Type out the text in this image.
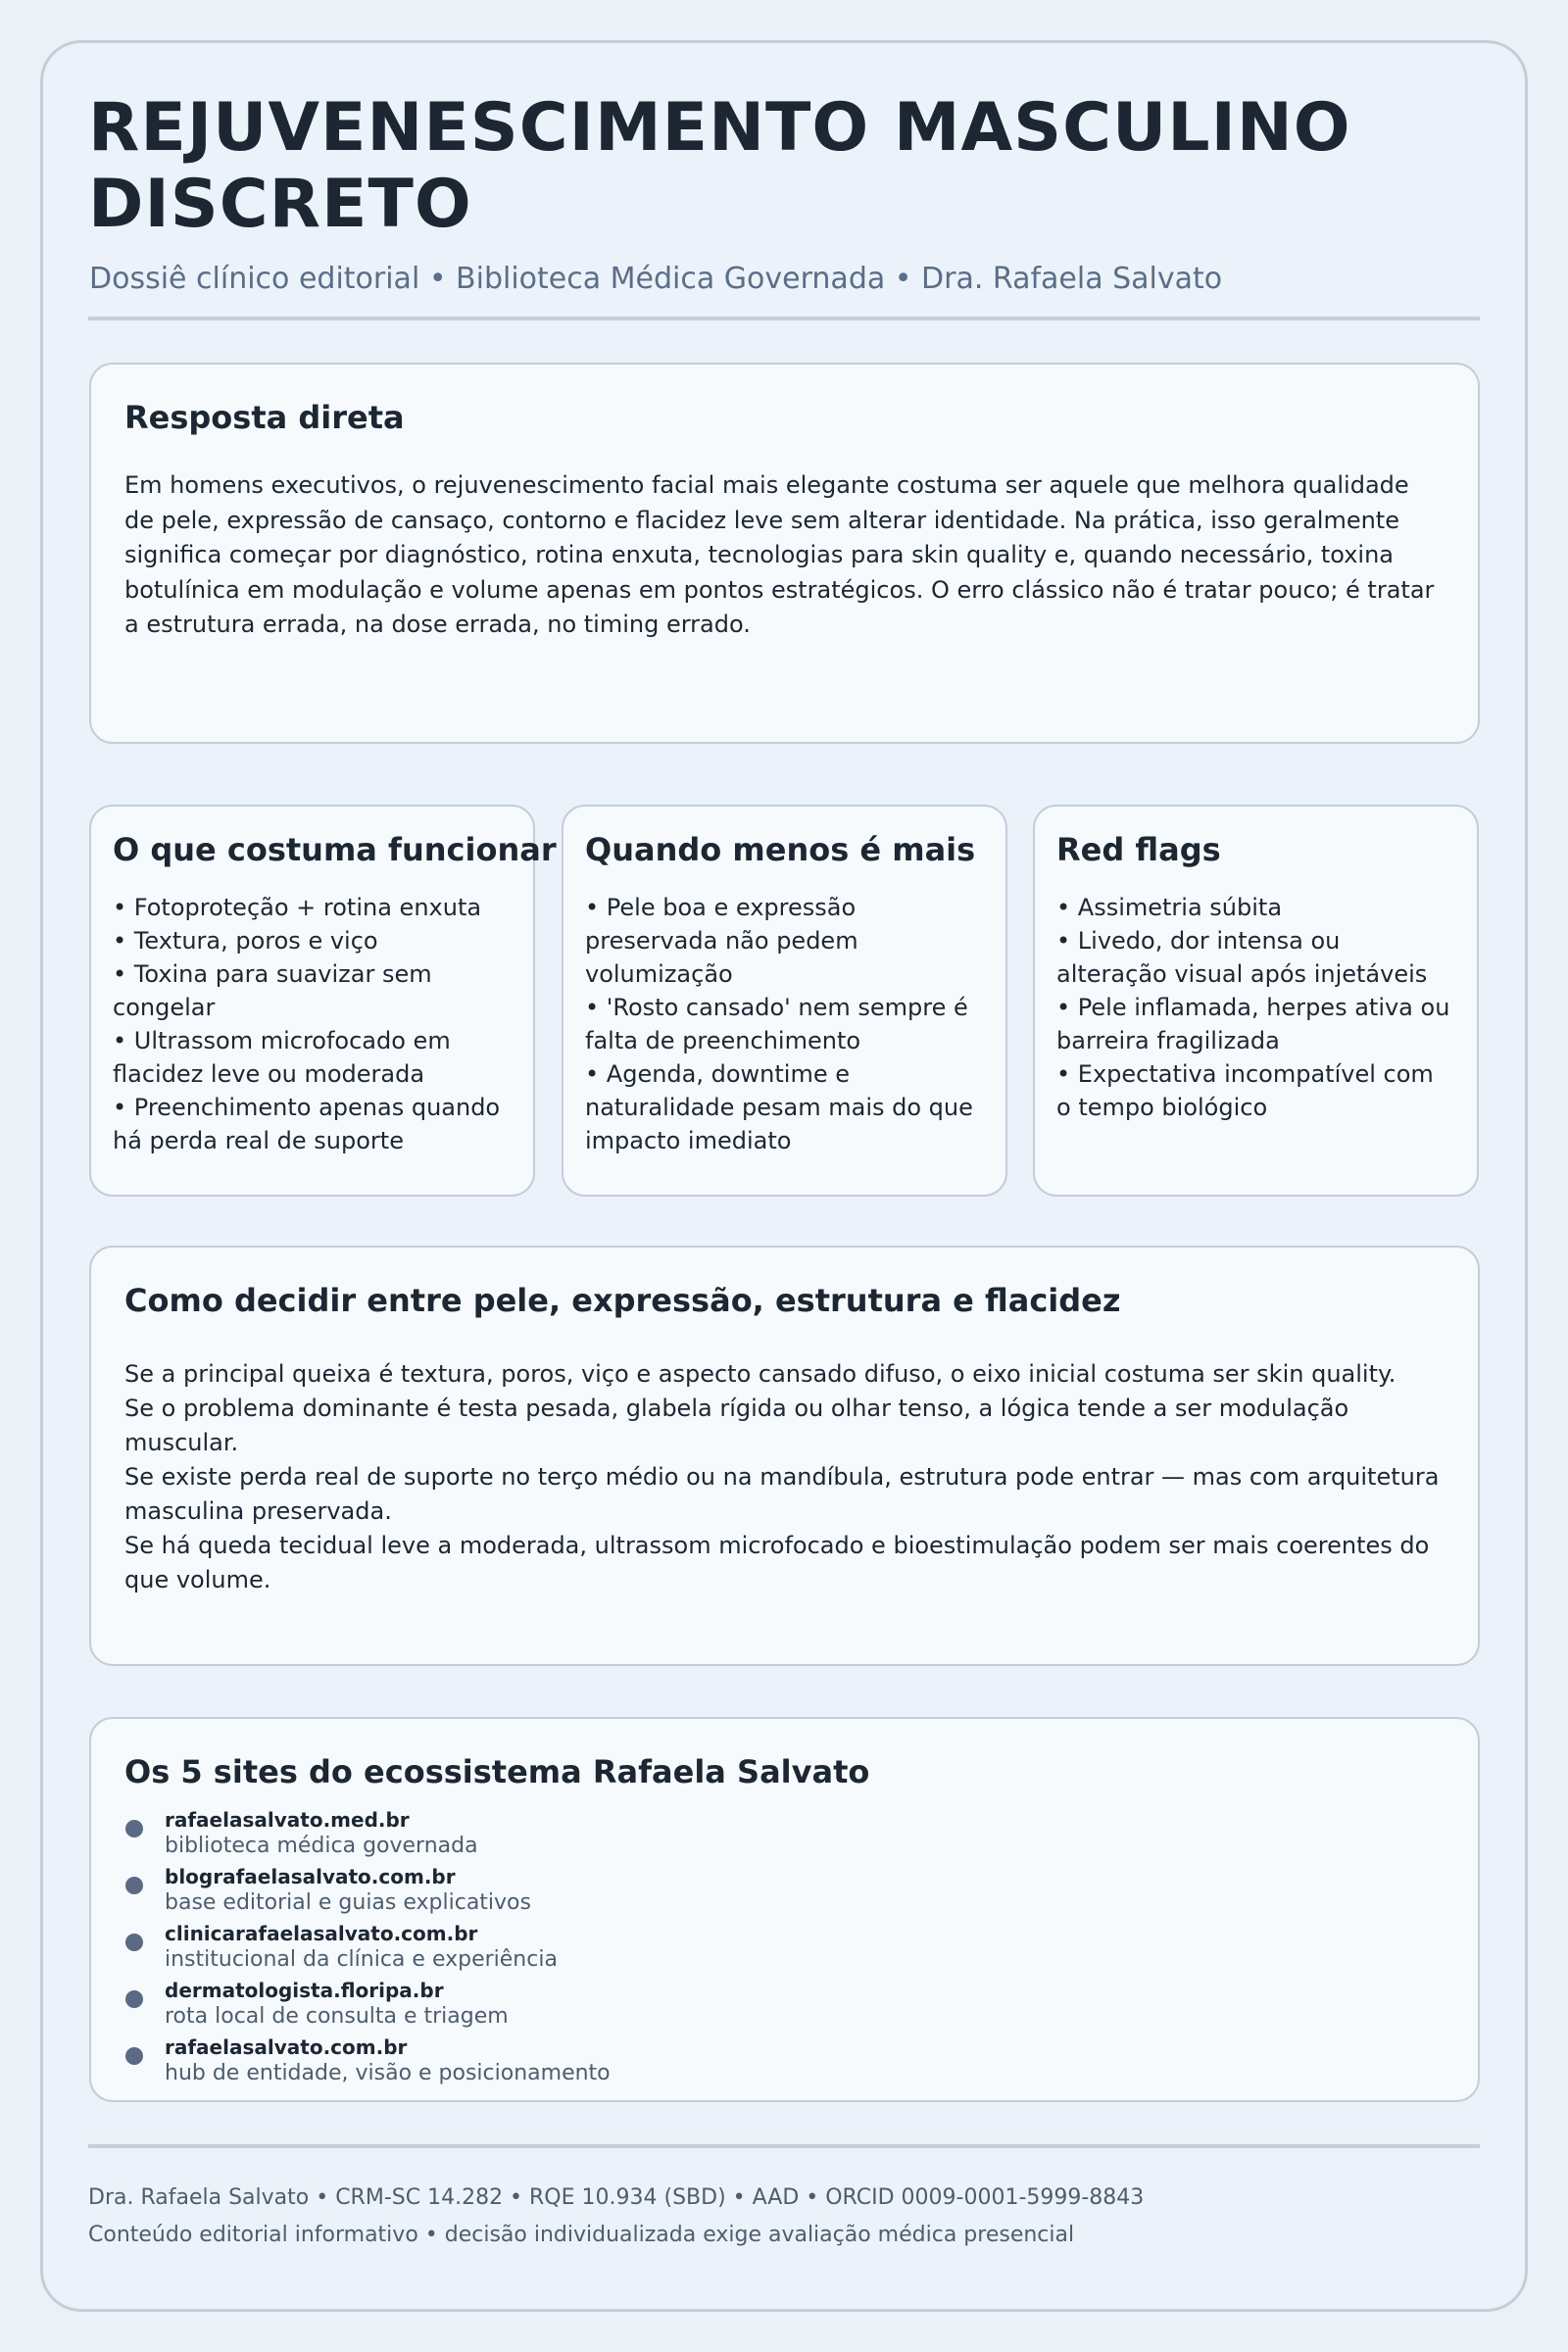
REJUVENESCIMENTO MASCULINO DISCRETO
Dossiê clínico editorial • Biblioteca Médica Governada • Dra. Rafaela Salvato
Resposta direta

Em homens executivos, o rejuvenescimento facial mais elegante costuma ser aquele que melhora qualidade de pele, expressão de cansaço, contorno e flacidez leve sem alterar identidade. Na prática, isso geralmente significa começar por diagnóstico, rotina enxuta, tecnologias para skin quality e, quando necessário, toxina botulínica em modulação e volume apenas em pontos estratégicos. O erro clássico não é tratar pouco; é tratar a estrutura errada, na dose errada, no timing errado.

O que costuma funcionar
• Fotoproteção + rotina enxuta
• Textura, poros e viço
• Toxina para suavizar sem congelar
• Ultrassom microfocado em flacidez leve ou moderada
• Preenchimento apenas quando há perda real de suporte
Quando menos é mais
• Pele boa e expressão preservada não pedem volumização
• 'Rosto cansado' nem sempre é falta de preenchimento
• Agenda, downtime e naturalidade pesam mais do que impacto imediato
Red flags
• Assimetria súbita
• Livedo, dor intensa ou alteração visual após injetáveis
• Pele inflamada, herpes ativa ou barreira fragilizada
• Expectativa incompatível com o tempo biológico
Como decidir entre pele, expressão, estrutura e flacidez
Se a principal queixa é textura, poros, viço e aspecto cansado difuso, o eixo inicial costuma ser skin quality.
Se o problema dominante é testa pesada, glabela rígida ou olhar tenso, a lógica tende a ser modulação muscular.
Se existe perda real de suporte no terço médio ou na mandíbula, estrutura pode entrar — mas com arquitetura masculina preservada.
Se há queda tecidual leve a moderada, ultrassom microfocado e bioestimulação podem ser mais coerentes do que volume.
Os 5 sites do ecossistema Rafaela Salvato
rafaelasalvato.med.br
biblioteca médica governada
blografaelasalvato.com.br
base editorial e guias explicativos
clinicarafaelasalvato.com.br
institucional da clínica e experiência
dermatologista.floripa.br
rota local de consulta e triagem
rafaelasalvato.com.br
hub de entidade, visão e posicionamento
Dra. Rafaela Salvato • CRM-SC 14.282 • RQE 10.934 (SBD) • AAD • ORCID 0009-0001-5999-8843
Conteúdo editorial informativo • decisão individualizada exige avaliação médica presencial
